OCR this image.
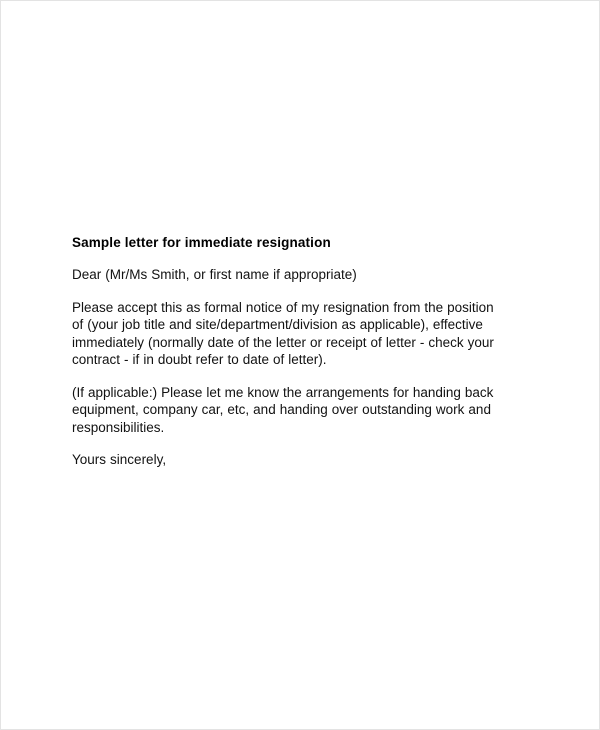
Sample letter for immediate resignation

Dear (Mr/Ms Smith, or first name if appropriate)

Please accept this as formal notice of my resignation from the position of (your job title and site/department/division as applicable), effective immediately (normally date of the letter or receipt of letter - check your contract - if in doubt refer to date of letter).

(If applicable:) Please let me know the arrangements for handing back equipment, company car, etc, and handing over outstanding work and responsibilities.

Yours sincerely,
